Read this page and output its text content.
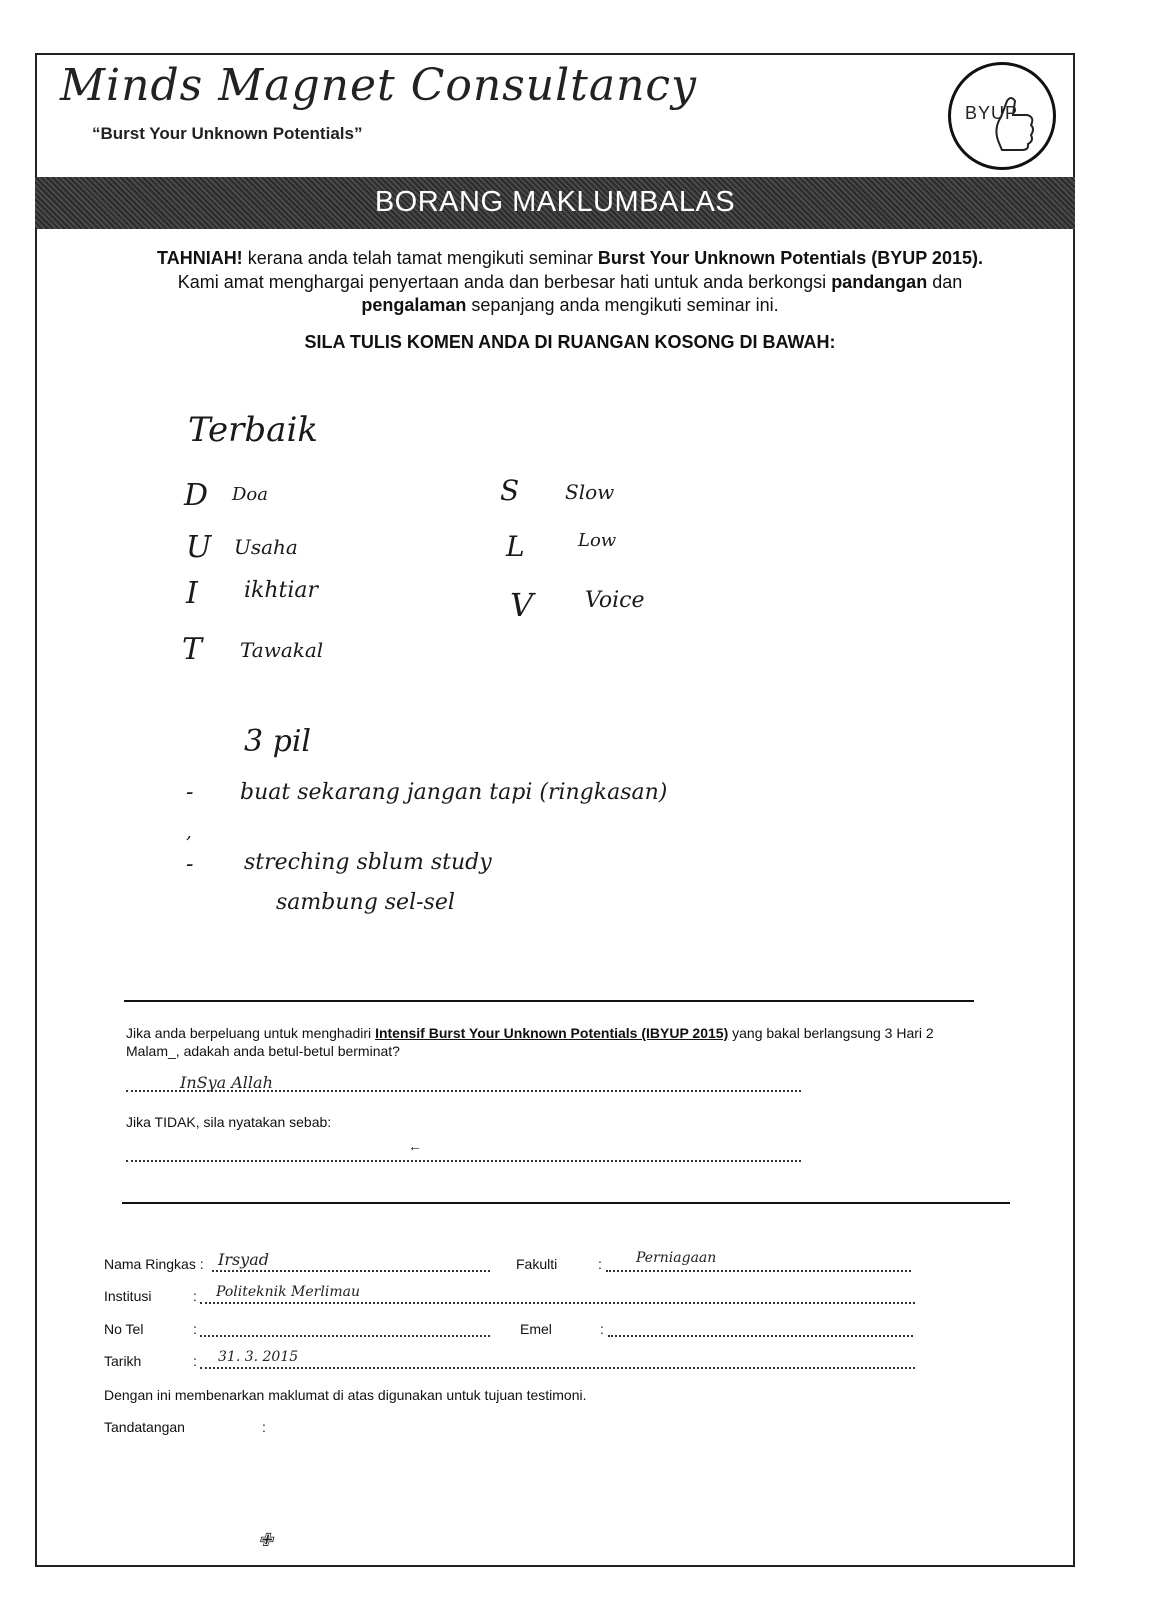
Minds Magnet Consultancy
“Burst Your Unknown Potentials”
BYUP
BORANG MAKLUMBALAS
TAHNIAH! kerana anda telah tamat mengikuti seminar Burst Your Unknown Potentials (BYUP 2015).
Kami amat menghargai penyertaan anda dan berbesar hati untuk anda berkongsi pandangan dan
pengalaman sepanjang anda mengikuti seminar ini.
SILA TULIS KOMEN ANDA DI RUANGAN KOSONG DI BAWAH:
Terbaik
D Doa
U Usaha
I ikhtiar
T Tawakal
S Slow
L	Low
V Voice
3 pil
- buat sekarang jangan tapi (ringkasan)
,
- streching sblum study
sambung sel-sel
Jika anda berpeluang untuk menghadiri Intensif Burst Your Unknown Potentials (IBYUP 2015) yang bakal berlangsung 3 Hari 2
Malam_, adakah anda betul-betul berminat?
InSya Allah
Jika TIDAK, sila nyatakan sebab:
←
Nama Ringkas : Irsyad	Fakulti	: Perniagaan
Institusi	: Politeknik Merlimau
No Tel	:	Emel	:
Tarikh	: 31. 3. 2015
Dengan ini membenarkan maklumat di atas digunakan untuk tujuan testimoni.
Tandatangan	:
✙
